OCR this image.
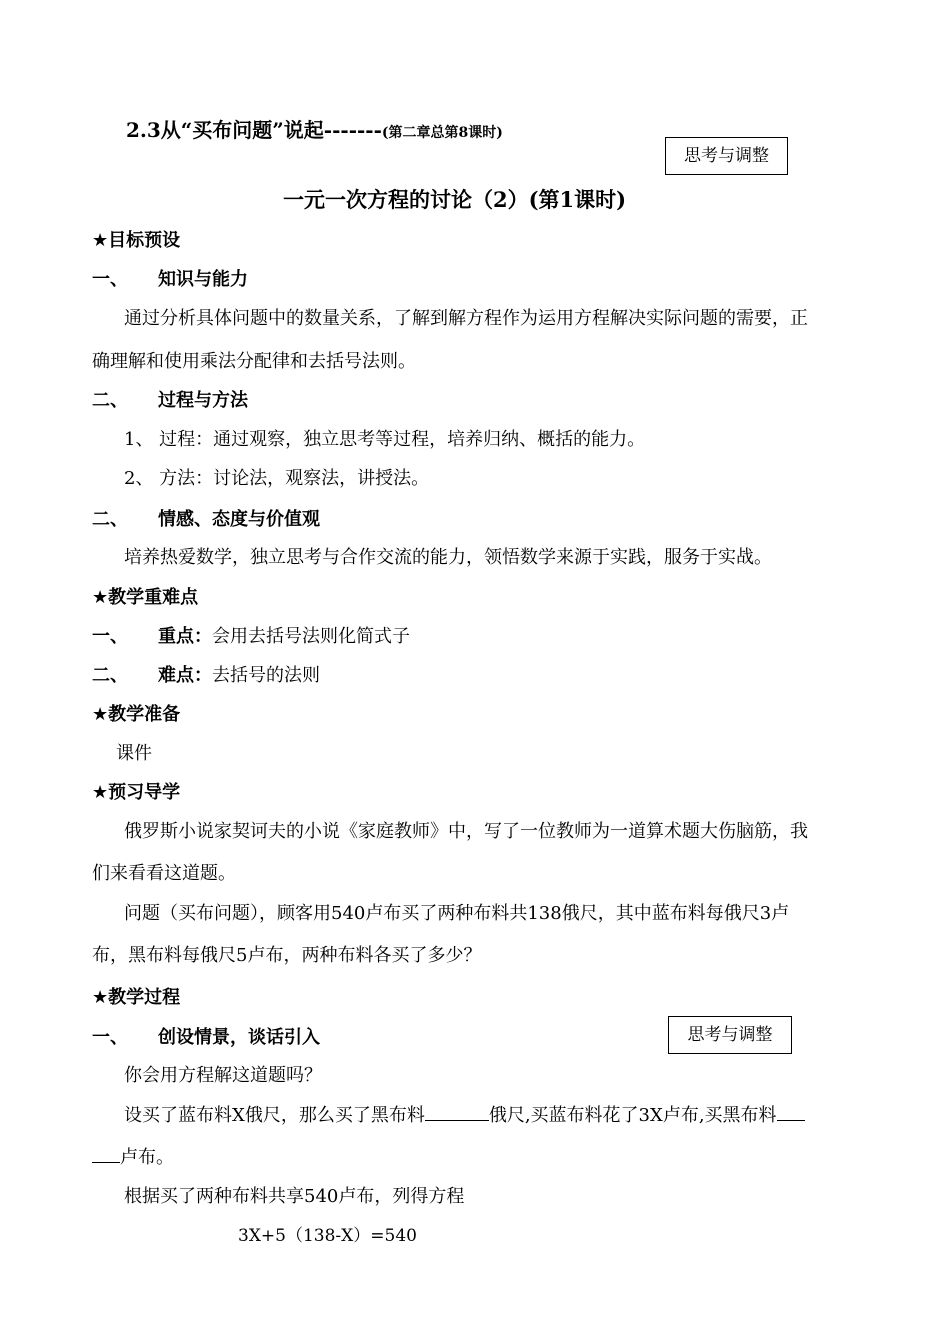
2.3从“买布问题”说起-------(第二章总第8课时)
思考与调整
一元一次方程的讨论（2）(第1课时)
★目标预设
一、 知识与能力
通过分析具体问题中的数量关系，了解到解方程作为运用方程解决实际问题的需要，正
确理解和使用乘法分配律和去括号法则。
二、 过程与方法
1、 过程：通过观察，独立思考等过程，培养归纳、概括的能力。
2、 方法：讨论法，观察法，讲授法。
二、 情感、态度与价值观
培养热爱数学，独立思考与合作交流的能力，领悟数学来源于实践，服务于实战。
★教学重难点
一、 重点：会用去括号法则化简式子
二、 难点：去括号的法则
★教学准备
课件
★预习导学
俄罗斯小说家契诃夫的小说《家庭教师》中，写了一位教师为一道算术题大伤脑筋，我
们来看看这道题。
问题（买布问题），顾客用540卢布买了两种布料共138俄尺，其中蓝布料每俄尺3卢
布，黑布料每俄尺5卢布，两种布料各买了多少？
★教学过程
一、 创设情景，谈话引入	思考与调整
你会用方程解这道题吗？
设买了蓝布料X俄尺，那么买了黑布料	俄尺,买蓝布料花了3X卢布,买黑布料
卢布。
根据买了两种布料共享540卢布，列得方程
3X+5（138-X）=540
